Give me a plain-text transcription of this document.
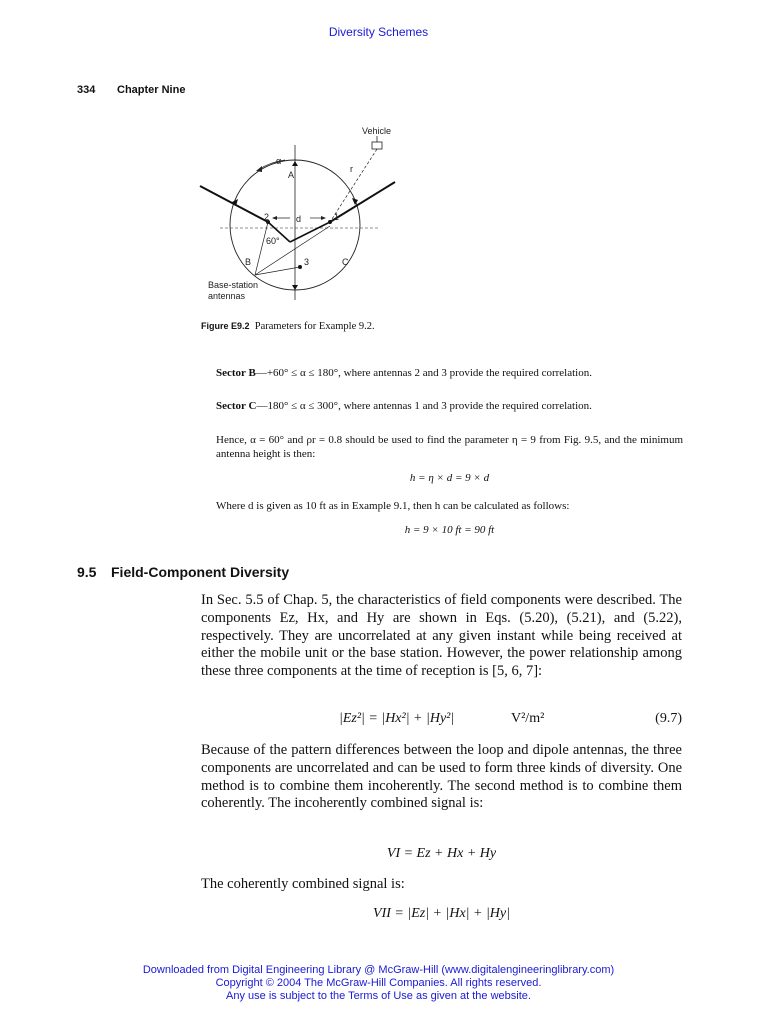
Diversity Schemes
334 Chapter Nine
Vehicle
α
A
r
d
2	1
3
60°
B	C
Base-station
antennas
Figure E9.2 Parameters for Example 9.2.
Sector B—+60° ≤ α ≤ 180°, where antennas 2 and 3 provide the required correlation.
Sector C—180° ≤ α ≤ 300°, where antennas 1 and 3 provide the required correlation.
Hence, α = 60° and ρr = 0.8 should be used to find the parameter η = 9 from Fig. 9.5, and the minimum antenna height is then:
h = η × d = 9 × d
Where d is given as 10 ft as in Example 9.1, then h can be calculated as follows:
h = 9 × 10 ft = 90 ft
9.5 Field-Component Diversity
In Sec. 5.5 of Chap. 5, the characteristics of field components were described. The components Ez, Hx, and Hy are shown in Eqs. (5.20), (5.21), and (5.22), respectively. They are uncorrelated at any given instant while being received at either the mobile unit or the base station. However, the power relationship among these three components at the time of reception is [5, 6, 7]:
|Ez²| = |Hx²| + |Hy²|	V²/m²	(9.7)
Because of the pattern differences between the loop and dipole antennas, the three components are uncorrelated and can be used to form three kinds of diversity. One method is to combine them incoherently. The second method is to combine them coherently. The incoherently combined signal is:
VI = Ez + Hx + Hy
The coherently combined signal is:
VII = |Ez| + |Hx| + |Hy|
Downloaded from Digital Engineering Library @ McGraw-Hill (www.digitalengineeringlibrary.com)
Copyright © 2004 The McGraw-Hill Companies. All rights reserved.
Any use is subject to the Terms of Use as given at the website.
